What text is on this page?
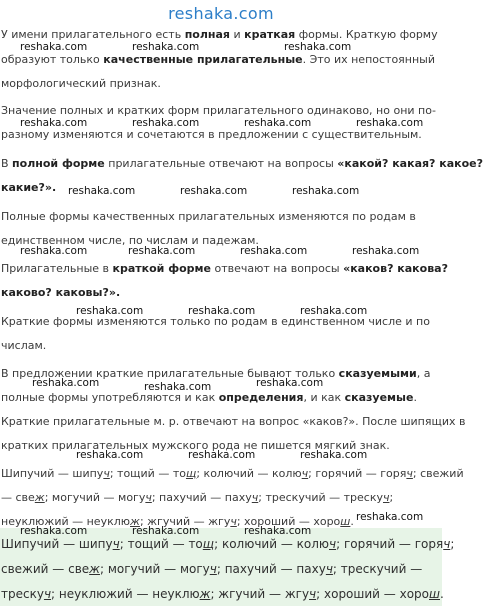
reshaka.com
У имени прилагательного есть полная и краткая формы. Краткую форму
образуют только качественные прилагательные. Это их непостоянный
морфологический признак.
Значение полных и кратких форм прилагательного одинаково, но они по-
разному изменяются и сочетаются в предложении с существительным.
В полной форме прилагательные отвечают на вопросы «какой? какая? какое?
какие?».
Полные формы качественных прилагательных изменяются по родам в
единственном числе, по числам и падежам.
Прилагательные в краткой форме отвечают на вопросы «каков? какова?
каково? каковы?».
Краткие формы изменяются только по родам в единственном числе и по
числам.
В предложении краткие прилагательные бывают только сказуемыми, а
полные формы употребляются и как определения, и как сказуемые.
Краткие прилагательные м. р. отвечают на вопрос «каков?». После шипящих в
кратких прилагательных мужского рода не пишется мягкий знак.
Шипучий — шипуч; тощий — тощ; колючий — колюч; горячий — горяч; свежий
— свеж; могучий — могуч; пахучий — пахуч; трескучий — трескуч;
неуклюжий — неуклюж; жгучий — жгуч; хороший — хорош.
Шипучий — шипуч; тощий — тощ; колючий — колюч; горячий — горяч;
свежий — свеж; могучий — могуч; пахучий — пахуч; трескучий —
трескуч; неуклюжий — неуклюж; жгучий — жгуч; хороший — хорош.
reshaka.com	reshaka.com	reshaka.com
reshaka.com	reshaka.com	reshaka.com	reshaka.com
reshaka.com	reshaka.com	reshaka.com
reshaka.com	reshaka.com	reshaka.com	reshaka.com
reshaka.com	reshaka.com	reshaka.com
reshaka.com	reshaka.com	reshaka.com
reshaka.com	reshaka.com	reshaka.com
reshaka.com
reshaka.com	reshaka.com	reshaka.com
